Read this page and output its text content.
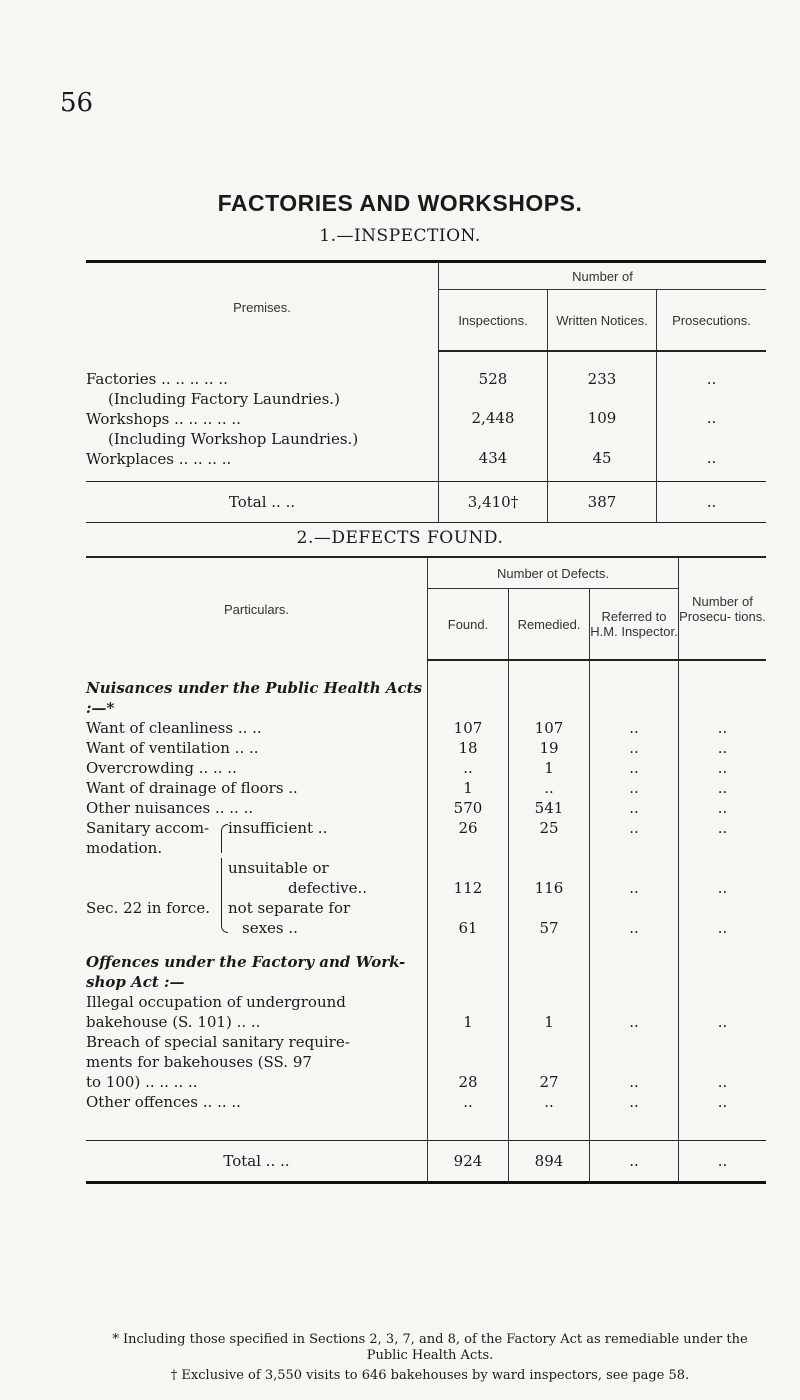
56
FACTORIES AND WORKSHOPS.
1.—INSPECTION.
Premises.	Number of		
	Inspections.	Written Notices.	Prosecutions.

Factories .. .. .. .. ..
(Including Factory Laundries.)	528	233	..

Workshops .. .. .. .. ..
(Including Workshop Laundries.)	2,448	109	..

Workplaces .. .. .. ..	434	45	..
Total .. ..	3,410†	387	..
2.—DEFECTS FOUND.
Particulars.	Number ot Defects.			Number of Prosecu- tions.
	Found.	Remedied.	Referred to H.M. Inspector.	
Nuisances under the Public Health Acts :—*				
Want of cleanliness .. ..	107	107	..	..
Want of ventilation .. ..	18	19	..	..
Overcrowding .. .. ..	..	1	..	..
Want of drainage of floors ..	1	..	..	..
Other nuisances .. .. ..	570	541	..	..

Sanitary accom-
modation.
insufficient ..	26	25	..	..

unsuitable or
defective..	112	116	..	..

Sec. 22 in force. not separate for
sexes ..	61	57	..	..

Offences under the Factory and Work-
shop Act :—				

Illegal occupation of underground
bakehouse (S. 101) .. ..	1	1	..	..

Breach of special sanitary require-
ments for bakehouses (SS. 97
to 100) .. .. .. ..	28	27	..	..

Other offences .. .. ..	..	..	..	..
Total .. ..	924	894	..	..
* Including those specified in Sections 2, 3, 7, and 8, of the Factory Act as remediable under the
Public Health Acts.
† Exclusive of 3,550 visits to 646 bakehouses by ward inspectors, see page 58.
